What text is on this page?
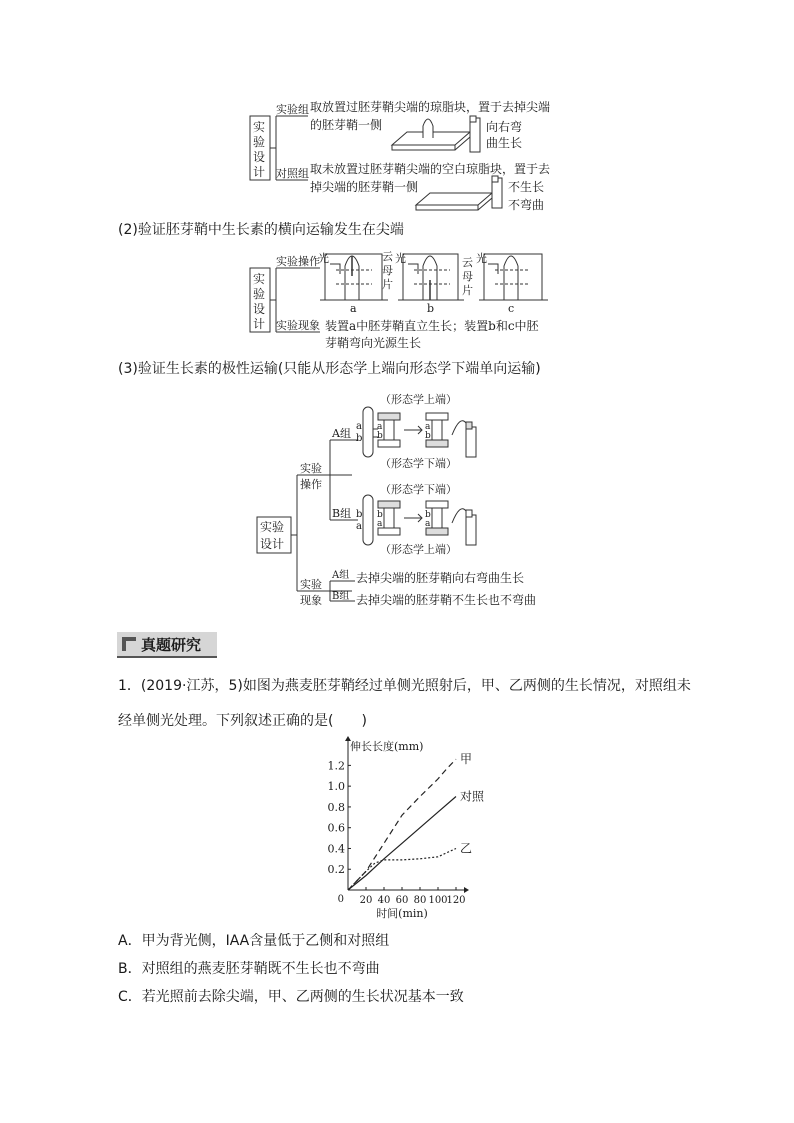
实
验
设
计
实验组
对照组
取放置过胚芽鞘尖端的琼脂块，置于去掉尖端
的胚芽鞘一侧
取未放置过胚芽鞘尖端的空白琼脂块，置于去
掉尖端的胚芽鞘一侧
向右弯
曲生长
不生长
不弯曲
(2)验证胚芽鞘中生长素的横向运输发生在尖端
实
验
设
计
实验操作
实验现象
光	云
母
片
a
光	云
母
片
b
光
c
装置a中胚芽鞘直立生长；装置b和c中胚
芽鞘弯向光源生长
(3)验证生长素的极性运输(只能从形态学上端向形态学下端单向运输)
实验
设计
实验
操作
实验
现象
A组
B组
（形态学上端）
（形态学下端）
a
b
a
b
a
b
（形态学下端）
（形态学上端）
b
a
b
a
b
a
A组
B组
去掉尖端的胚芽鞘向右弯曲生长
去掉尖端的胚芽鞘不生长也不弯曲
真题研究
1．(2019·江苏，5)如图为燕麦胚芽鞘经过单侧光照射后，甲、乙两侧的生长情况，对照组未
经单侧光处理。下列叙述正确的是(　　)
0.2
0.4
0.6
0.8
1.0
1.2
20 40 60 80 100
120
0
伸长长度(mm)
时间(min)
甲
对照
乙
A．甲为背光侧，IAA含量低于乙侧和对照组
B．对照组的燕麦胚芽鞘既不生长也不弯曲
C．若光照前去除尖端，甲、乙两侧的生长状况基本一致
